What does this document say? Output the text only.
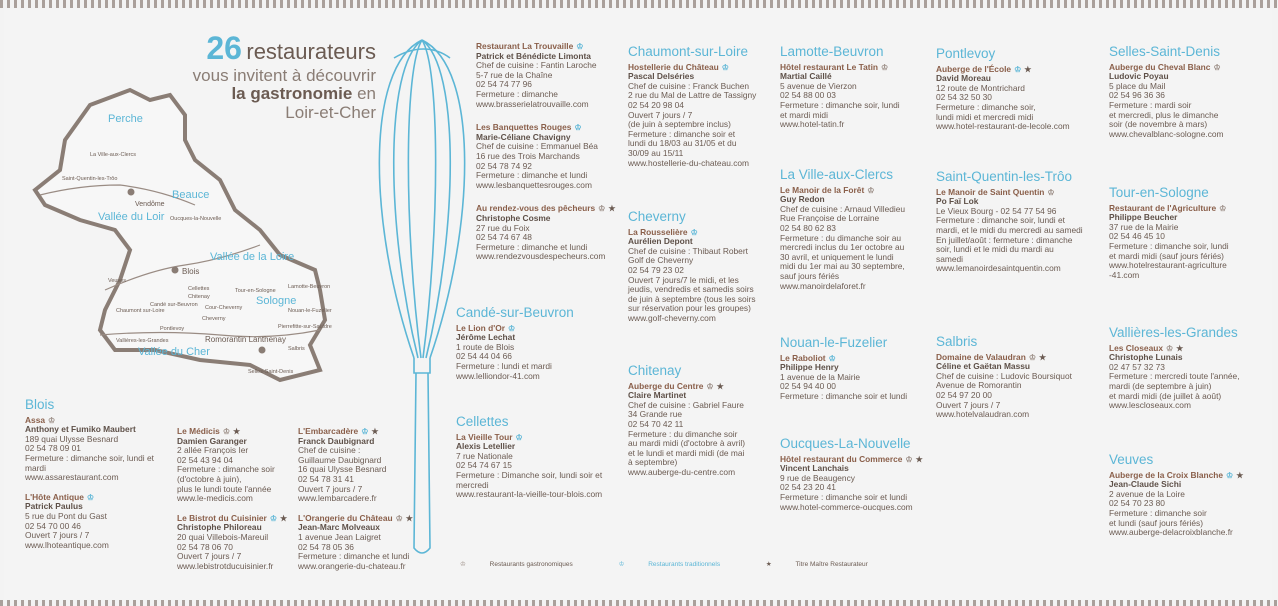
26 restaurateurs
vous invitent à découvrir
la gastronomie en
Loir-et-Cher
Perche
Beauce
Vallée du Loir
Vallée de la Loire
Sologne
Vallée du Cher
La Ville-aux-Clercs
Saint-Quentin-les-Trôo
Vendôme
Oucques-la-Nouvelle
Blois
Veuves
Chaumont sur-Loire
Candé sur-Beuvron
Cellettes
Chitenay
Cour-Cheverny
Cheverny
Tour-en-Sologne
Lamotte-Beuvron
Nouan-le-Fuzelier
Pierrefitte-sur-Sauldre
Pontlevoy
Vallières-les-Grandes	Romorantin Lanthenay
Salbris
Selles-Saint-Denis
Blois
Assa ♔
Anthony et Fumiko Maubert
189 quai Ulysse Besnard
02 54 78 09 01
Fermeture : dimanche soir, lundi et
mardi
www.assarestaurant.com
L'Hôte Antique ♔
Patrick Paulus
5 rue du Pont du Gast
02 54 70 00 46
Ouvert 7 jours / 7
www.lhoteantique.com
Le Médicis ♔ ★
Damien Garanger
2 allée François Ier
02 54 43 94 04
Fermeture : dimanche soir
(d'octobre à juin),
plus le lundi toute l'année
www.le-medicis.com
Le Bistrot du Cuisinier ♔ ★
Christophe Philoreau
20 quai Villebois-Mareuil
02 54 78 06 70
Ouvert 7 jours / 7
www.lebistrotducuisinier.fr
L'Embarcadère ♔ ★
Franck Daubignard
Chef de cuisine :
Guillaume Daubignard
16 quai Ulysse Besnard
02 54 78 31 41
Ouvert 7 jours / 7
www.lembarcadere.fr
L'Orangerie du Château ♔ ★
Jean-Marc Molveaux
1 avenue Jean Laigret
02 54 78 05 36
Fermeture : dimanche et lundi
www.orangerie-du-chateau.fr
Restaurant La Trouvaille ♔
Patrick et Bénédicte Limonta
Chef de cuisine : Fantin Laroche
5-7 rue de la Chaîne
02 54 74 77 96
Fermeture : dimanche
www.brasserielatrouvaille.com
Les Banquettes Rouges ♔
Marie-Céliane Chavigny
Chef de cuisine : Emmanuel Béa
16 rue des Trois Marchands
02 54 78 74 92
Fermeture : dimanche et lundi
www.lesbanquettesrouges.com
Au rendez-vous des pêcheurs ♔ ★
Christophe Cosme
27 rue du Foix
02 54 74 67 48
Fermeture : dimanche et lundi
www.rendezvousdespecheurs.com
Candé-sur-Beuvron
Le Lion d'Or ♔
Jérôme Lechat
1 route de Blois
02 54 44 04 66
Fermeture : lundi et mardi
www.lelliondor-41.com
Cellettes
La Vieille Tour ♔
Alexis Letellier
7 rue Nationale
02 54 74 67 15
Fermeture : Dimanche soir, lundi soir et
mercredi
www.restaurant-la-vieille-tour-blois.com
Chaumont-sur-Loire
Hostellerie du Château ♔
Pascal Delséries
Chef de cuisine : Franck Buchen
2 rue du Mal de Lattre de Tassigny
02 54 20 98 04
Ouvert 7 jours / 7
(de juin à septembre inclus)
Fermeture : dimanche soir et
lundi du 18/03 au 31/05 et du
30/09 au 15/11
www.hostellerie-du-chateau.com
Cheverny
La Rousselière ♔
Aurélien Depont
Chef de cuisine : Thibaut Robert
Golf de Cheverny
02 54 79 23 02
Ouvert 7 jours/7 le midi, et les
jeudis, vendredis et samedis soirs
de juin à septembre (tous les soirs
sur réservation pour les groupes)
www.golf-cheverny.com
Chitenay
Auberge du Centre ♔ ★
Claire Martinet
Chef de cuisine : Gabriel Faure
34 Grande rue
02 54 70 42 11
Fermeture : du dimanche soir
au mardi midi (d'octobre à avril)
et le lundi et mardi midi (de mai
à septembre)
www.auberge-du-centre.com
Lamotte-Beuvron
Hôtel restaurant Le Tatin ♔
Martial Caillé
5 avenue de Vierzon
02 54 88 00 03
Fermeture : dimanche soir, lundi
et mardi midi
www.hotel-tatin.fr
La Ville-aux-Clercs
Le Manoir de la Forêt ♔
Guy Redon
Chef de cuisine : Arnaud Villedieu
Rue Françoise de Lorraine
02 54 80 62 83
Fermeture : du dimanche soir au
mercredi inclus du 1er octobre au
30 avril, et uniquement le lundi
midi du 1er mai au 30 septembre,
sauf jours fériés
www.manoirdelaforet.fr
Nouan-le-Fuzelier
Le Raboliot ♔
Philippe Henry
1 avenue de la Mairie
02 54 94 40 00
Fermeture : dimanche soir et lundi
Oucques-La-Nouvelle
Hôtel restaurant du Commerce ♔ ★
Vincent Lanchais
9 rue de Beaugency
02 54 23 20 41
Fermeture : dimanche soir et lundi
www.hotel-commerce-oucques.com
Pontlevoy
Auberge de l'École ♔ ★
David Moreau
12 route de Montrichard
02 54 32 50 30
Fermeture : dimanche soir,
lundi midi et mercredi midi
www.hotel-restaurant-de-lecole.com
Saint-Quentin-les-Trôo
Le Manoir de Saint Quentin ♔
Po Faï Lok
Le Vieux Bourg - 02 54 77 54 96
Fermeture : dimanche soir, lundi et
mardi, et le midi du mercredi au samedi
En juillet/août : fermeture : dimanche
soir, lundi et le midi du mardi au
samedi
www.lemanoirdesaintquentin.com
Salbris
Domaine de Valaudran ♔ ★
Céline et Gaëtan Massu
Chef de cuisine : Ludovic Boursiquot
Avenue de Romorantin
02 54 97 20 00
Ouvert 7 jours / 7
www.hotelvalaudran.com
Selles-Saint-Denis
Auberge du Cheval Blanc ♔
Ludovic Poyau
5 place du Mail
02 54 96 36 36
Fermeture : mardi soir
et mercredi, plus le dimanche
soir (de novembre à mars)
www.chevalblanc-sologne.com
Tour-en-Sologne
Restaurant de l'Agriculture ♔
Philippe Beucher
37 rue de la Mairie
02 54 46 45 10
Fermeture : dimanche soir, lundi
et mardi midi (sauf jours fériés)
www.hotelrestaurant-agriculture
-41.com
Vallières-les-Grandes
Les Closeaux ♔ ★
Christophe Lunais
02 47 57 32 73
Fermeture : mercredi toute l'année,
mardi (de septembre à juin)
et mardi midi (de juillet à août)
www.lescloseaux.com
Veuves
Auberge de la Croix Blanche ♔ ★
Jean-Claude Sichi
2 avenue de la Loire
02 54 70 23 80
Fermeture : dimanche soir
et lundi (sauf jours fériés)
www.auberge-delacroixblanche.fr
♔	Restaurants gastronomiques	♔	Restaurants traditionnels	★	Titre Maître Restaurateur
